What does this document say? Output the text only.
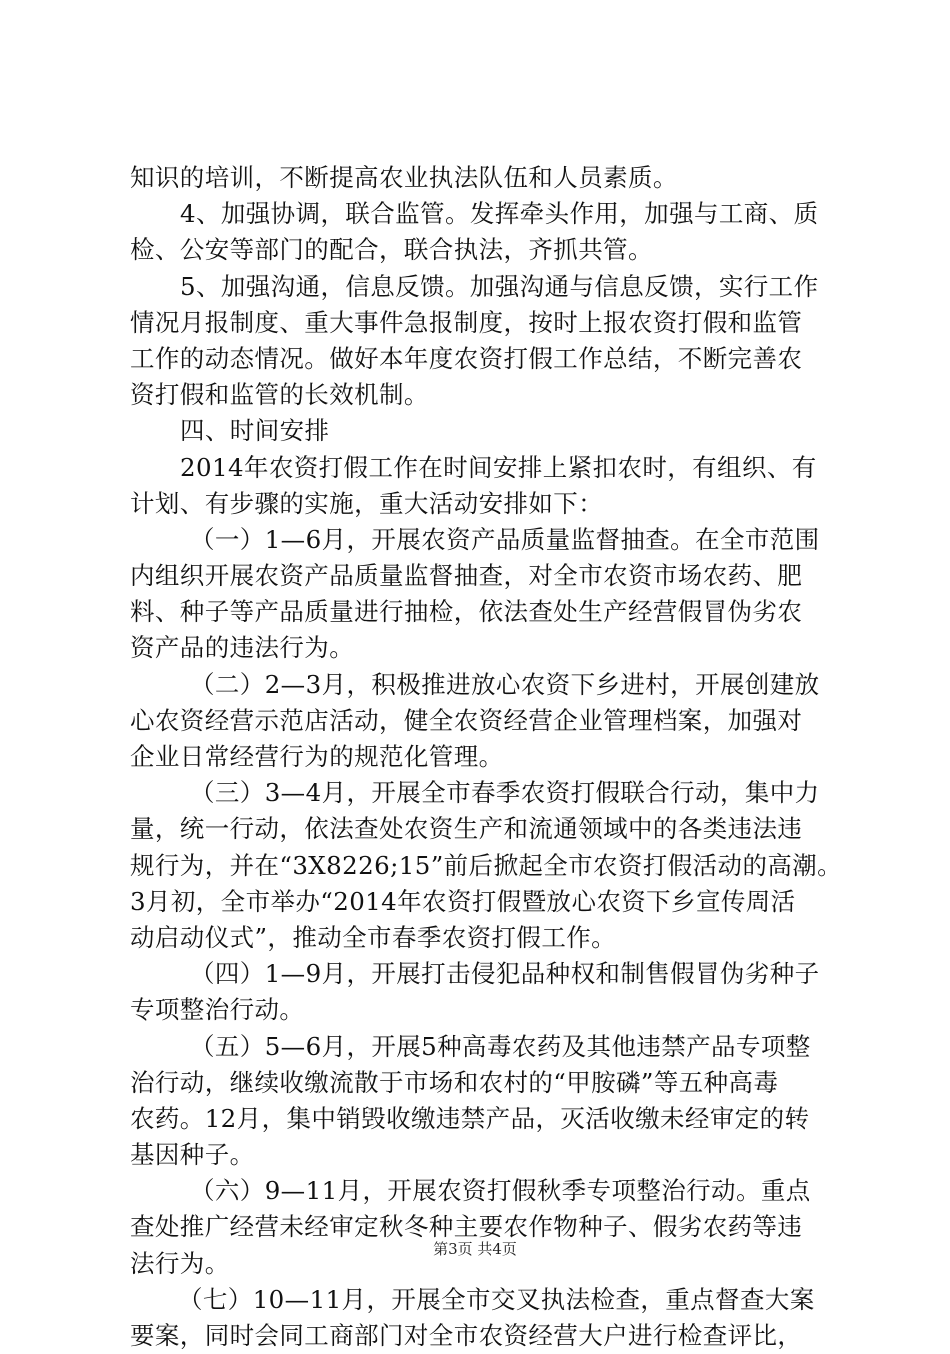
知识的培训，不断提高农业执法队伍和人员素质。
4、加强协调，联合监管。发挥牵头作用，加强与工商、质
检、公安等部门的配合，联合执法，齐抓共管。
5、加强沟通，信息反馈。加强沟通与信息反馈，实行工作
情况月报制度、重大事件急报制度，按时上报农资打假和监管
工作的动态情况。做好本年度农资打假工作总结，不断完善农
资打假和监管的长效机制。
四、时间安排
2014年农资打假工作在时间安排上紧扣农时，有组织、有
计划、有步骤的实施，重大活动安排如下：
（一）1—6月，开展农资产品质量监督抽查。在全市范围
内组织开展农资产品质量监督抽查，对全市农资市场农药、肥
料、种子等产品质量进行抽检，依法查处生产经营假冒伪劣农
资产品的违法行为。
（二）2—3月，积极推进放心农资下乡进村，开展创建放
心农资经营示范店活动，健全农资经营企业管理档案，加强对
企业日常经营行为的规范化管理。
（三）3—4月，开展全市春季农资打假联合行动，集中力
量，统一行动，依法查处农资生产和流通领域中的各类违法违
规行为，并在“3X8226;15”前后掀起全市农资打假活动的高潮。
3月初，全市举办“2014年农资打假暨放心农资下乡宣传周活
动启动仪式”，推动全市春季农资打假工作。
（四）1—9月，开展打击侵犯品种权和制售假冒伪劣种子
专项整治行动。
（五）5—6月，开展5种高毒农药及其他违禁产品专项整
治行动，继续收缴流散于市场和农村的“甲胺磷”等五种高毒
农药。12月，集中销毁收缴违禁产品，灭活收缴未经审定的转
基因种子。
（六）9—11月，开展农资打假秋季专项整治行动。重点
查处推广经营未经审定秋冬种主要农作物种子、假劣农药等违
法行为。
（七）10—11月，开展全市交叉执法检查，重点督查大案
要案，同时会同工商部门对全市农资经营大户进行检查评比，
第3页 共4页
